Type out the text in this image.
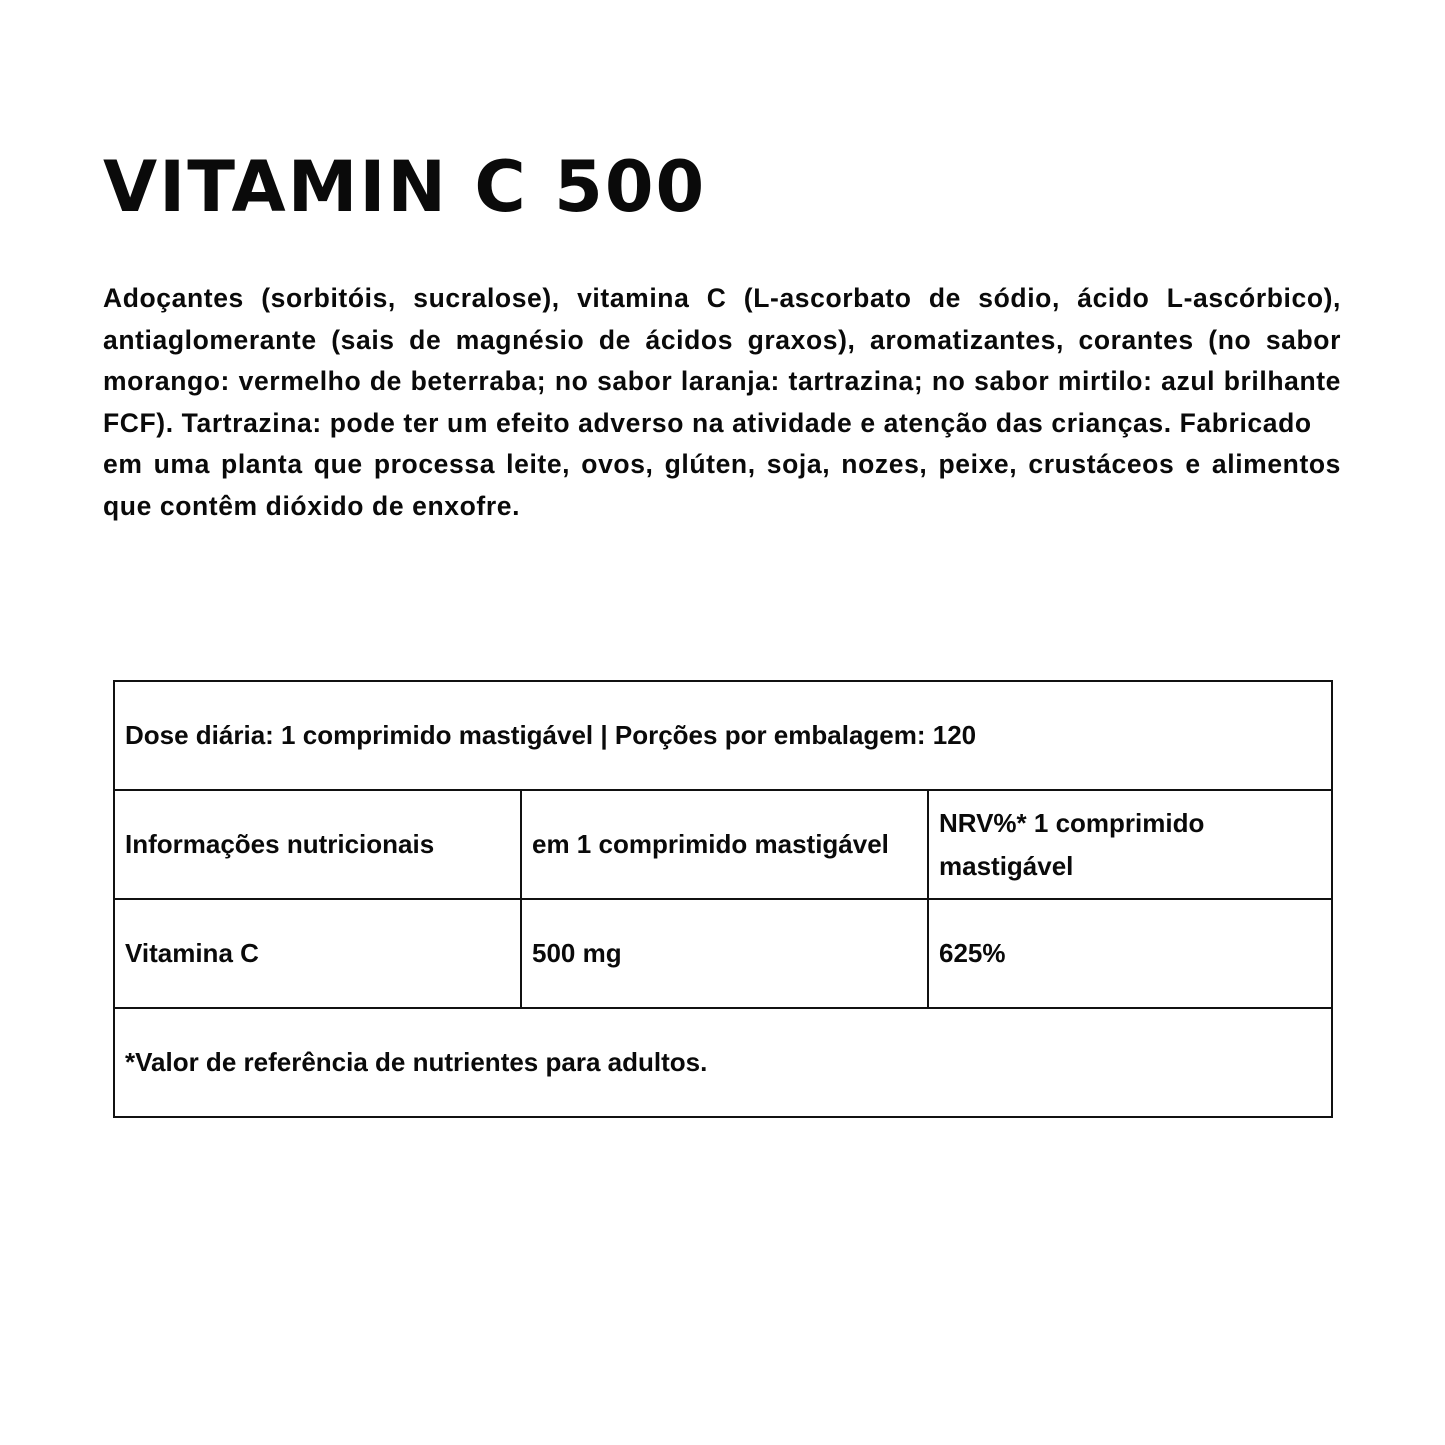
VITAMIN C 500

Adoçantes (sorbitóis, sucralose), vitamina C (L-ascorbato de sódio, ácido L-ascórbico), antiaglomerante (sais de magnésio de ácidos graxos), aromatizantes, corantes (no sabor morango: vermelho de beterraba; no sabor laranja: tartrazina; no sabor mirtilo: azul brilhante FCF). Tartrazina: pode ter um efeito adverso na atividade e atenção das crianças. Fabricado

em uma planta que processa leite, ovos, glúten, soja, nozes, peixe, crustáceos e alimentos que contêm dióxido de enxofre.

Dose diária: 1 comprimido mastigável | Porções por embalagem: 120		
Informações nutricionais	em 1 comprimido mastigável	NRV%* 1 comprimido mastigável
Vitamina C	500 mg	625%
*Valor de referência de nutrientes para adultos.		
